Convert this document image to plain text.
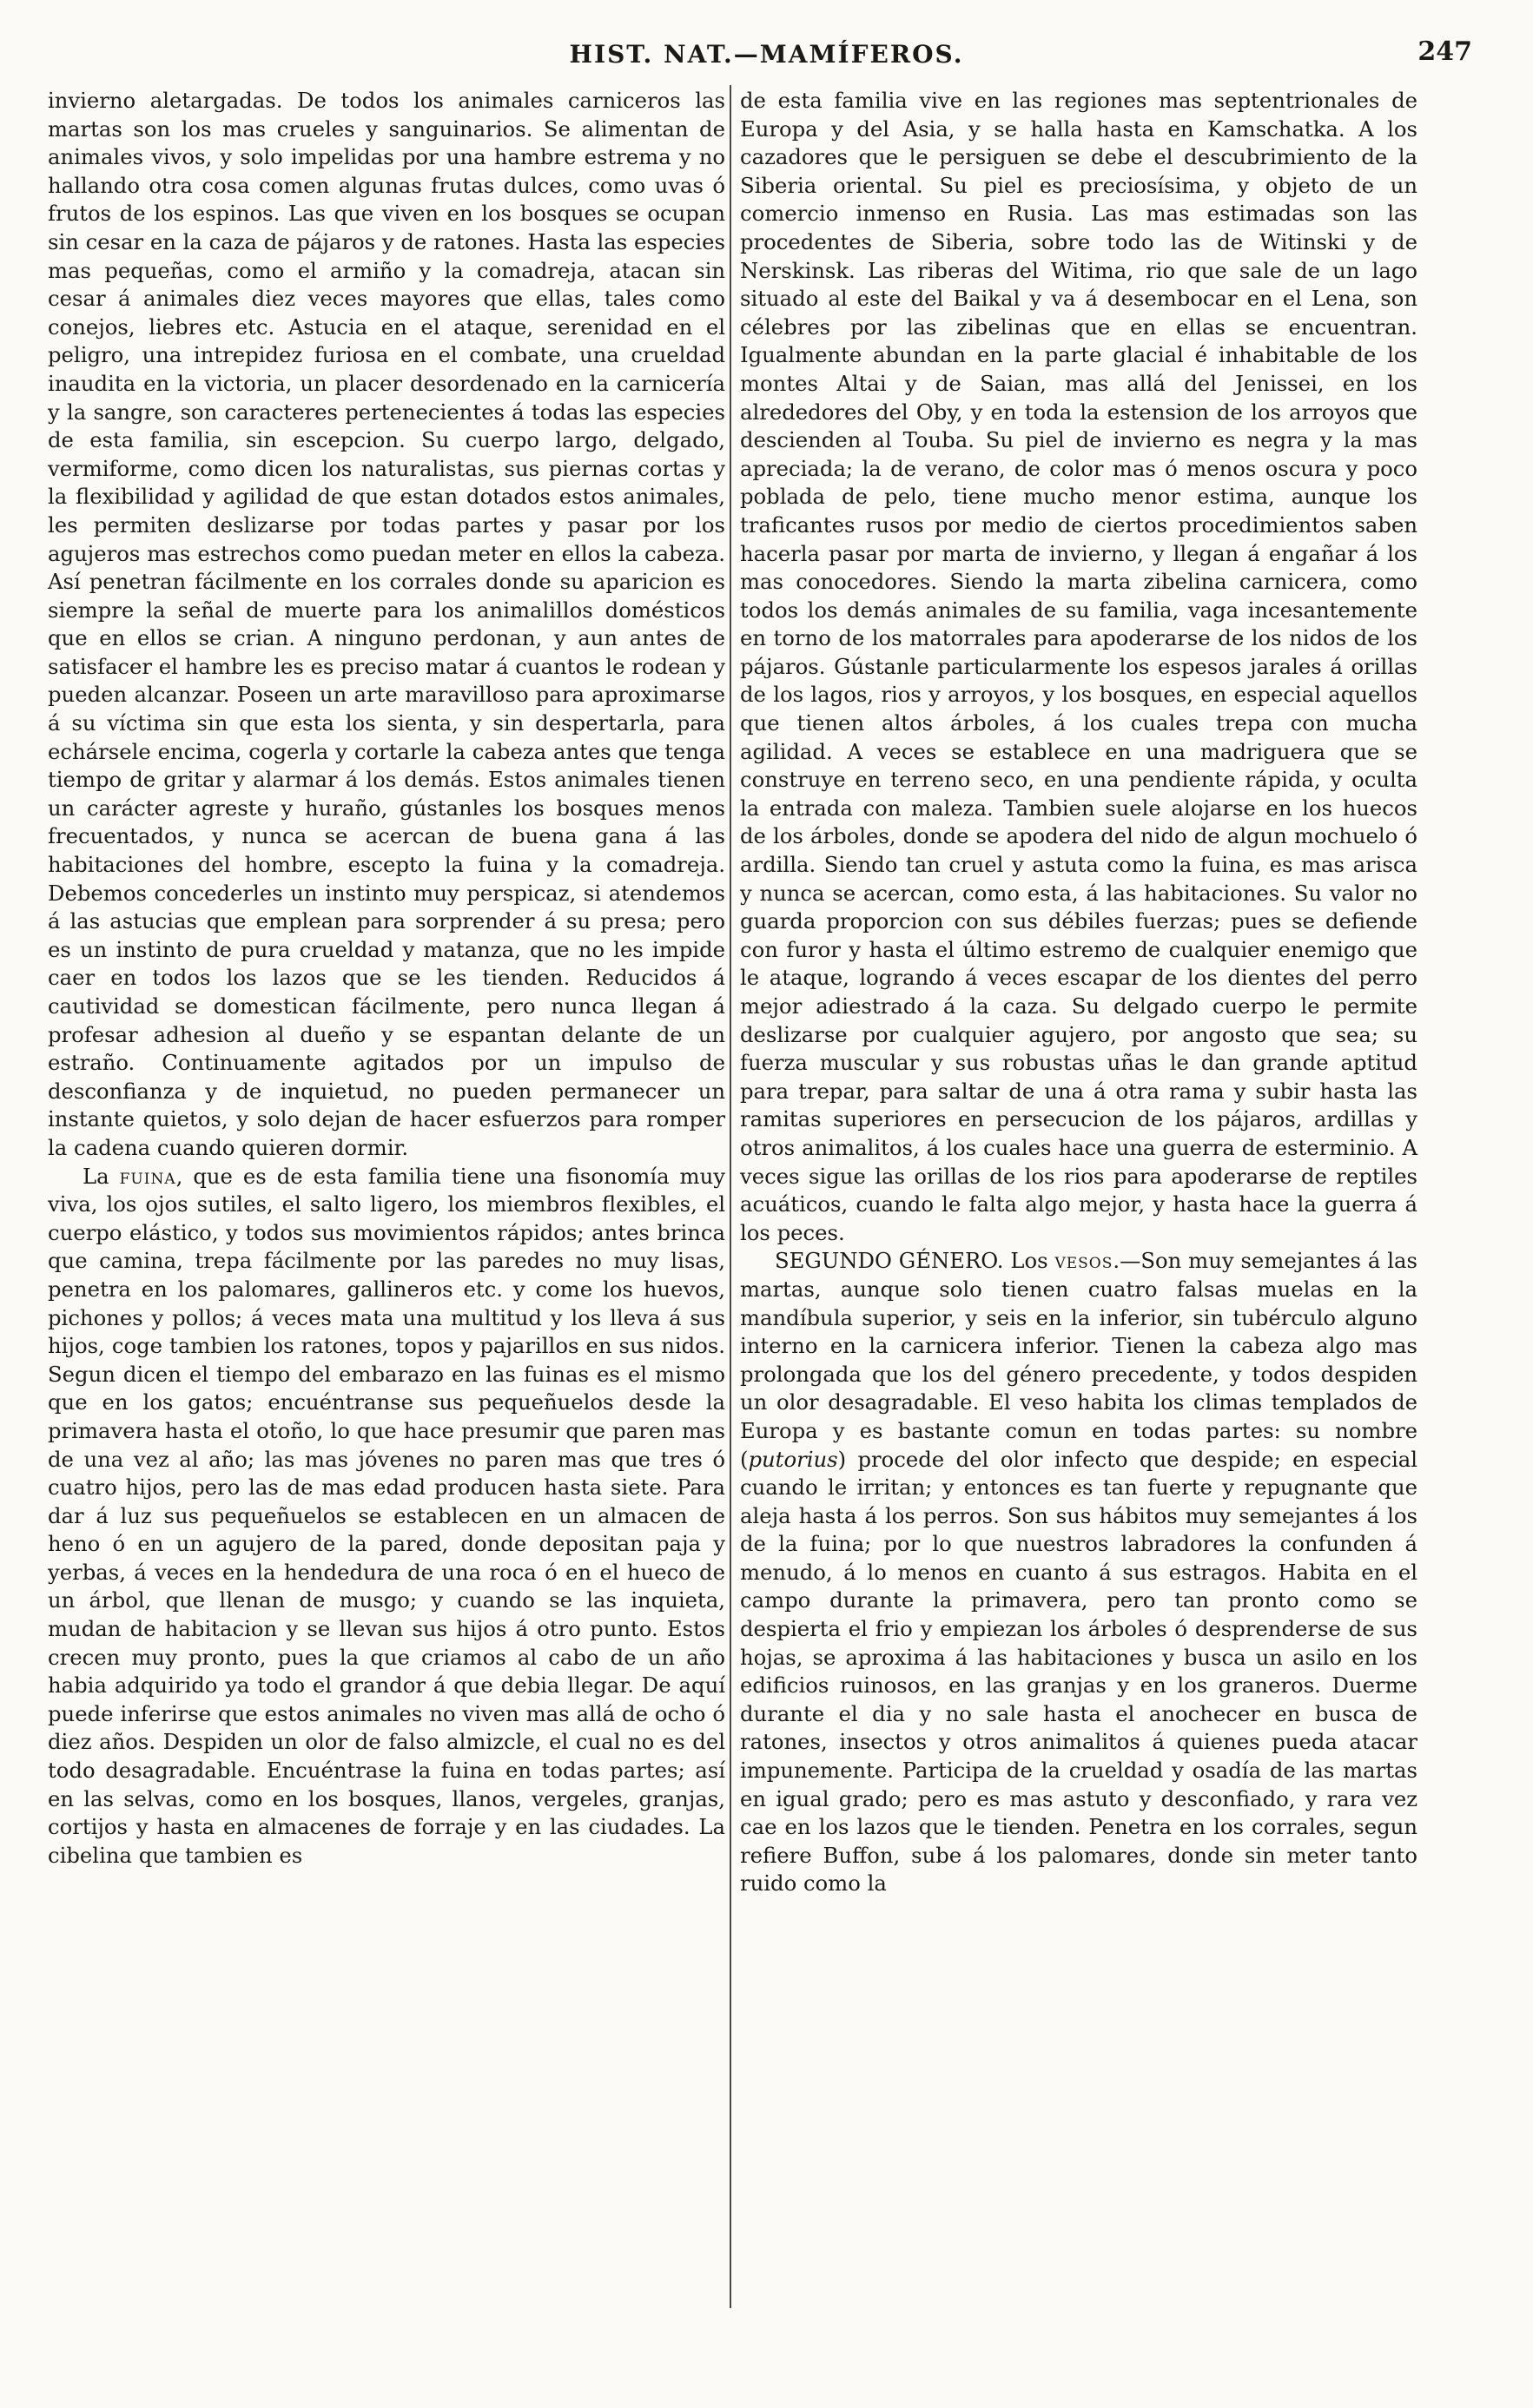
HIST. NAT.—MAMÍFEROS.	247

invierno aletargadas. De todos los animales carniceros las martas son los mas crueles y sanguinarios. Se alimentan de animales vivos, y solo impelidas por una hambre estrema y no hallando otra cosa comen algunas frutas dulces, como uvas ó frutos de los espinos. Las que viven en los bosques se ocupan sin cesar en la caza de pájaros y de ratones. Hasta las especies mas pequeñas, como el armiño y la comadreja, atacan sin cesar á animales diez veces mayores que ellas, tales como conejos, liebres etc. Astucia en el ataque, serenidad en el peligro, una intrepidez furiosa en el combate, una crueldad inaudita en la victoria, un placer desordenado en la carnicería y la sangre, son caracteres pertenecientes á todas las especies de esta familia, sin escepcion. Su cuerpo largo, delgado, vermiforme, como dicen los naturalistas, sus piernas cortas y la flexibilidad y agilidad de que estan dotados estos animales, les permiten deslizarse por todas partes y pasar por los agujeros mas estrechos como puedan meter en ellos la cabeza. Así penetran fácilmente en los corrales donde su aparicion es siempre la señal de muerte para los animalillos domésticos que en ellos se crian. A ninguno perdonan, y aun antes de satisfacer el hambre les es preciso matar á cuantos le rodean y pueden alcanzar. Poseen un arte maravilloso para aproximarse á su víctima sin que esta los sienta, y sin despertarla, para echársele encima, cogerla y cortarle la cabeza antes que tenga tiempo de gritar y alarmar á los demás. Estos animales tienen un carácter agreste y huraño, gústanles los bosques menos frecuentados, y nunca se acercan de buena gana á las habitaciones del hombre, escepto la fuina y la comadreja. Debemos concederles un instinto muy perspicaz, si atendemos á las astucias que emplean para sorprender á su presa; pero es un instinto de pura crueldad y matanza, que no les impide caer en todos los lazos que se les tienden. Reducidos á cautividad se domestican fácilmente, pero nunca llegan á profesar adhesion al dueño y se espantan delante de un estraño. Continuamente agitados por un impulso de desconfianza y de inquietud, no pueden permanecer un instante quietos, y solo dejan de hacer esfuerzos para romper la cadena cuando quieren dormir.

La fuina, que es de esta familia tiene una fisonomía muy viva, los ojos sutiles, el salto ligero, los miembros flexibles, el cuerpo elástico, y todos sus movimientos rápidos; antes brinca que camina, trepa fácilmente por las paredes no muy lisas, penetra en los palomares, gallineros etc. y come los huevos, pichones y pollos; á veces mata una multitud y los lleva á sus hijos, coge tambien los ratones, topos y pajarillos en sus nidos. Segun dicen el tiempo del embarazo en las fuinas es el mismo que en los gatos; encuéntranse sus pequeñuelos desde la primavera hasta el otoño, lo que hace presumir que paren mas de una vez al año; las mas jóvenes no paren mas que tres ó cuatro hijos, pero las de mas edad producen hasta siete. Para dar á luz sus pequeñuelos se establecen en un almacen de heno ó en un agujero de la pared, donde depositan paja y yerbas, á veces en la hendedura de una roca ó en el hueco de un árbol, que llenan de musgo; y cuando se las inquieta, mudan de habitacion y se llevan sus hijos á otro punto. Estos crecen muy pronto, pues la que criamos al cabo de un año habia adquirido ya todo el grandor á que debia llegar. De aquí puede inferirse que estos animales no viven mas allá de ocho ó diez años. Despiden un olor de falso almizcle, el cual no es del todo desagradable. Encuéntrase la fuina en todas partes; así en las selvas, como en los bosques, llanos, vergeles, granjas, cortijos y hasta en almacenes de forraje y en las ciudades. La cibelina que tambien es

de esta familia vive en las regiones mas septentrionales de Europa y del Asia, y se halla hasta en Kamschatka. A los cazadores que le persiguen se debe el descubrimiento de la Siberia oriental. Su piel es preciosísima, y objeto de un comercio inmenso en Rusia. Las mas estimadas son las procedentes de Siberia, sobre todo las de Witinski y de Nerskinsk. Las riberas del Witima, rio que sale de un lago situado al este del Baikal y va á desembocar en el Lena, son célebres por las zibelinas que en ellas se encuentran. Igualmente abundan en la parte glacial é inhabitable de los montes Altai y de Saian, mas allá del Jenissei, en los alrededores del Oby, y en toda la estension de los arroyos que descienden al Touba. Su piel de invierno es negra y la mas apreciada; la de verano, de color mas ó menos oscura y poco poblada de pelo, tiene mucho menor estima, aunque los traficantes rusos por medio de ciertos procedimientos saben hacerla pasar por marta de invierno, y llegan á engañar á los mas conocedores. Siendo la marta zibelina carnicera, como todos los demás animales de su familia, vaga incesantemente en torno de los matorrales para apoderarse de los nidos de los pájaros. Gústanle particularmente los espesos jarales á orillas de los lagos, rios y arroyos, y los bosques, en especial aquellos que tienen altos árboles, á los cuales trepa con mucha agilidad. A veces se establece en una madriguera que se construye en terreno seco, en una pendiente rápida, y oculta la entrada con maleza. Tambien suele alojarse en los huecos de los árboles, donde se apodera del nido de algun mochuelo ó ardilla. Siendo tan cruel y astuta como la fuina, es mas arisca y nunca se acercan, como esta, á las habitaciones. Su valor no guarda proporcion con sus débiles fuerzas; pues se defiende con furor y hasta el último estremo de cualquier enemigo que le ataque, logrando á veces escapar de los dientes del perro mejor adiestrado á la caza. Su delgado cuerpo le permite deslizarse por cualquier agujero, por angosto que sea; su fuerza muscular y sus robustas uñas le dan grande aptitud para trepar, para saltar de una á otra rama y subir hasta las ramitas superiores en persecucion de los pájaros, ardillas y otros animalitos, á los cuales hace una guerra de esterminio. A veces sigue las orillas de los rios para apoderarse de reptiles acuáticos, cuando le falta algo mejor, y hasta hace la guerra á los peces.

SEGUNDO GÉNERO. Los vesos.—Son muy semejantes á las martas, aunque solo tienen cuatro falsas muelas en la mandíbula superior, y seis en la inferior, sin tubérculo alguno interno en la carnicera inferior. Tienen la cabeza algo mas prolongada que los del género precedente, y todos despiden un olor desagradable. El veso habita los climas templados de Europa y es bastante comun en todas partes: su nombre (putorius) procede del olor infecto que despide; en especial cuando le irritan; y entonces es tan fuerte y repugnante que aleja hasta á los perros. Son sus hábitos muy semejantes á los de la fuina; por lo que nuestros labradores la confunden á menudo, á lo menos en cuanto á sus estragos. Habita en el campo durante la primavera, pero tan pronto como se despierta el frio y empiezan los árboles ó desprenderse de sus hojas, se aproxima á las habitaciones y busca un asilo en los edificios ruinosos, en las granjas y en los graneros. Duerme durante el dia y no sale hasta el anochecer en busca de ratones, insectos y otros animalitos á quienes pueda atacar impunemente. Participa de la crueldad y osadía de las martas en igual grado; pero es mas astuto y desconfiado, y rara vez cae en los lazos que le tienden. Penetra en los corrales, segun refiere Buffon, sube á los palomares, donde sin meter tanto ruido como la
